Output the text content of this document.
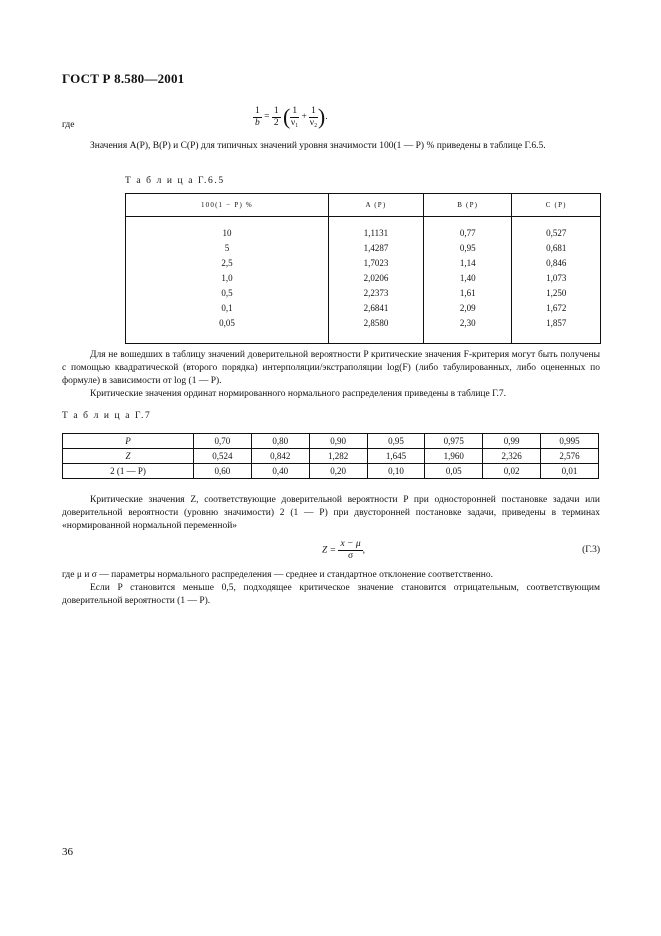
ГОСТ Р 8.580—2001
где	$\frac{1}{b} = \frac{1}{2}$ ( $\frac{1}{\text{ν₁}} + \frac{1}{\text{ν₂}}$ ).
Значения A(P), B(P) и C(P) для типичных значений уровня значимости 100(1 — P) % приведены в таблице Г.6.5.
Т а б л и ц а Г.6.5
100(1 − P) %	A (P)	B (P)	C (P)
10	1,1131	0,77	0,527
5	1,4287	0,95	0,681
2,5	1,7023	1,14	0,846
1,0	2,0206	1,40	1,073
0,5	2,2373	1,61	1,250
0,1	2,6841	2,09	1,672
0,05	2,8580	2,30	1,857
Для не вошедших в таблицу значений доверительной вероятности P критические значения F-критерия могут быть получены с помощью квадратической (второго порядка) интерполяции/экстраполяции log(F) (либо табулированных, либо оцененных по формуле) в зависимости от log (1 — P).
Критические значения ординат нормированного нормального распределения приведены в таблице Г.7.
Т а б л и ц а Г.7
P	0,70	0,80	0,90	0,95	0,975	0,99	0,995
Z	0,524	0,842	1,282	1,645	1,960	2,326	2,576
2 (1 — P)	0,60	0,40	0,20	0,10	0,05	0,02	0,01
Критические значения Z, соответствующие доверительной вероятности P при односторонней постановке задачи или доверительной вероятности (уровню значимости) 2 (1 — P) при двусторонней постановке задачи, приведены в терминах «нормированной нормальной переменной»
$Z = \frac{x - \mu}{\sigma}$ ,	(Г.3)
где μ и σ — параметры нормального распределения — среднее и стандартное отклонение соответственно.
Если P становится меньше 0,5, подходящее критическое значение становится отрицательным, соответствующим доверительной вероятности (1 — P).
36
